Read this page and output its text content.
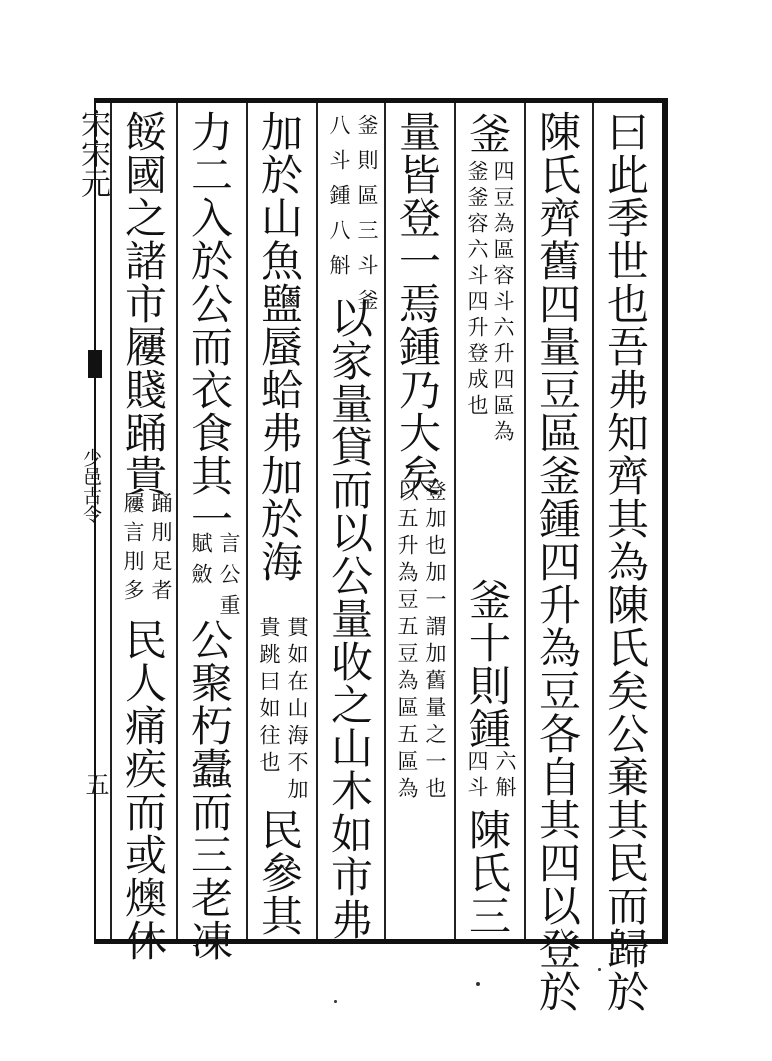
宋宋元
少邑古令
五	曰此季世也吾弗知齊其為陳氏矣公棄其民而歸於
陳氏齊舊四量豆區釜鍾四升為豆各自其四以登於
釜
四豆為區容斗六升四區為
釜釜容六斗四升登成也
釜十則鍾
六斛
四斗
陳氏三
量皆登一焉鍾乃大矣
登加也加一謂加舊量之一也
以五升為豆五豆為區五區為
釜則區三斗釜
八斗鍾八斛
以家量貸而以公量收之山木如市弗
加於山魚鹽蜃蛤弗加於海
貫如在山海不加
貴跳曰如往也
民參其
力二入於公而衣食其一
言公重
賦斂
公聚朽蠹而三老凍
餒國之諸市屨賤踊貴
踊刖足者
屨言刖多
民人痛疾而或燠休
